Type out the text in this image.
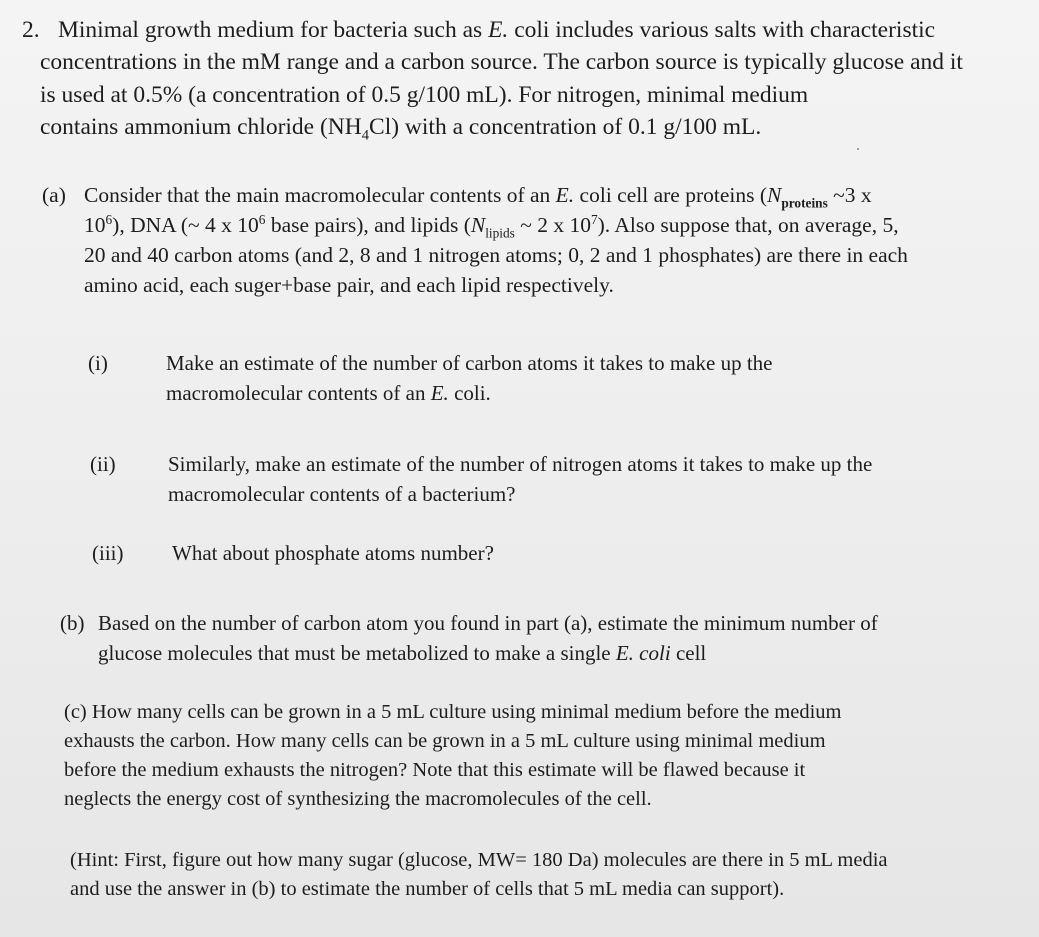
2. Minimal growth medium for bacteria such as E. coli includes various salts with characteristic
concentrations in the mM range and a carbon source. The carbon source is typically glucose and it
is used at 0.5% (a concentration of 0.5 g/100 mL). For nitrogen, minimal medium
contains ammonium chloride $(NH_4Cl)$ with a concentration of 0.1 g/100 mL.
(a) Consider that the main macromolecular contents of an E. coli cell are proteins ($N_{proteins}$ ~3 x
$10^6$), DNA (~ 4 x $10^6$ base pairs), and lipids ($N_{lipids}$ ~ 2 x $10^7$). Also suppose that, on average, 5,
20 and 40 carbon atoms (and 2, 8 and 1 nitrogen atoms; 0, 2 and 1 phosphates) are there in each
amino acid, each suger+base pair, and each lipid respectively.
(i)	Make an estimate of the number of carbon atoms it takes to make up the
macromolecular contents of an E. coli.
(ii) Similarly, make an estimate of the number of nitrogen atoms it takes to make up the
macromolecular contents of a bacterium?
(iii) What about phosphate atoms number?
(b) Based on the number of carbon atom you found in part (a), estimate the minimum number of
glucose molecules that must be metabolized to make a single E. coli cell
(c) How many cells can be grown in a 5 mL culture using minimal medium before the medium
exhausts the carbon. How many cells can be grown in a 5 mL culture using minimal medium
before the medium exhausts the nitrogen? Note that this estimate will be flawed because it
neglects the energy cost of synthesizing the macromolecules of the cell.
(Hint: First, figure out how many sugar (glucose, MW= 180 Da) molecules are there in 5 mL media
and use the answer in (b) to estimate the number of cells that 5 mL media can support).
